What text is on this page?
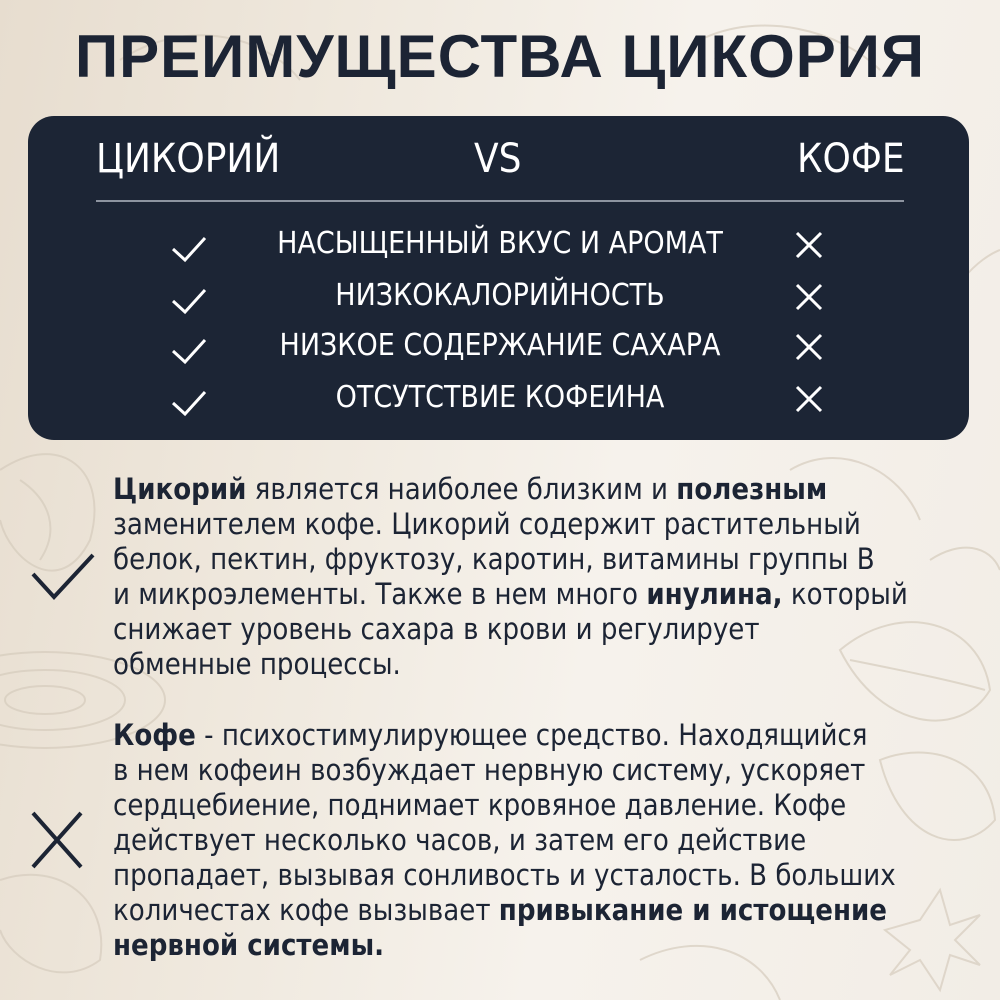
ПРЕИМУЩЕСТВА ЦИКОРИЯ
ЦИКОРИЙ	VS	КОФЕ
НАСЫЩЕННЫЙ ВКУС И АРОМАТ
НИЗКОКАЛОРИЙНОСТЬ
НИЗКОЕ СОДЕРЖАНИЕ САХАРА
ОТСУТСТВИЕ КОФЕИНА
Цикорий является наиболее близким и полезным
заменителем кофе. Цикорий содержит растительный
белок, пектин, фруктозу, каротин, витамины группы В
и микроэлементы. Также в нем много инулина, который
снижает уровень сахара в крови и регулирует
обменные процессы.
Кофе - психостимулирующее средство. Находящийся
в нем кофеин возбуждает нервную систему, ускоряет
сердцебиение, поднимает кровяное давление. Кофе
действует несколько часов, и затем его действие
пропадает, вызывая сонливость и усталость. В больших
количестах кофе вызывает привыкание и истощение
нервной системы.
